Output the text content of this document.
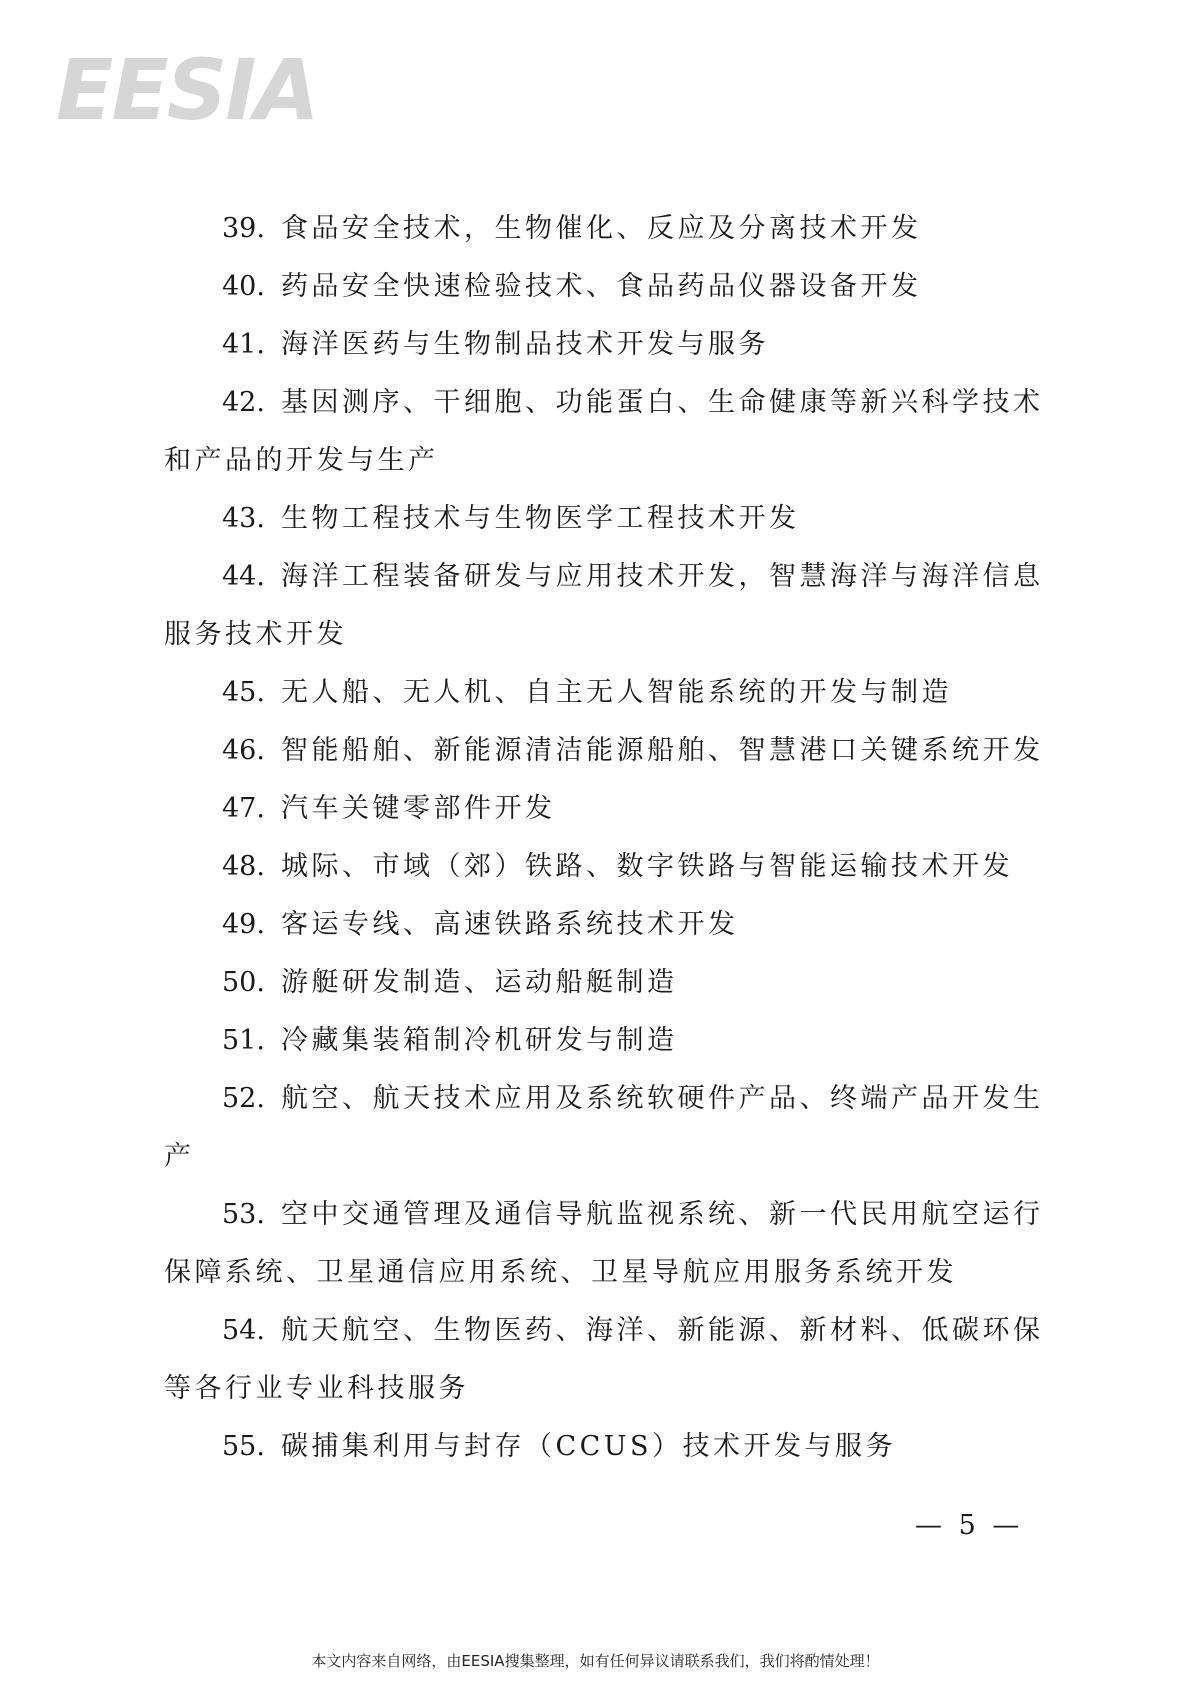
EESIA

39. 食品安全技术，生物催化、反应及分离技术开发

40. 药品安全快速检验技术、食品药品仪器设备开发

41. 海洋医药与生物制品技术开发与服务

42. 基因测序、干细胞、功能蛋白、生命健康等新兴科学技术和产品的开发与生产

43. 生物工程技术与生物医学工程技术开发

44. 海洋工程装备研发与应用技术开发，智慧海洋与海洋信息服务技术开发

45. 无人船、无人机、自主无人智能系统的开发与制造

46. 智能船舶、新能源清洁能源船舶、智慧港口关键系统开发

47. 汽车关键零部件开发

48. 城际、市域（郊）铁路、数字铁路与智能运输技术开发

49. 客运专线、高速铁路系统技术开发

50. 游艇研发制造、运动船艇制造

51. 冷藏集装箱制冷机研发与制造

52. 航空、航天技术应用及系统软硬件产品、终端产品开发生产

53. 空中交通管理及通信导航监视系统、新一代民用航空运行保障系统、卫星通信应用系统、卫星导航应用服务系统开发

54. 航天航空、生物医药、海洋、新能源、新材料、低碳环保等各行业专业科技服务

55. 碳捕集利用与封存（CCUS）技术开发与服务

— 5 —
本文内容来自网络，由EESIA搜集整理，如有任何异议请联系我们，我们将酌情处理！
